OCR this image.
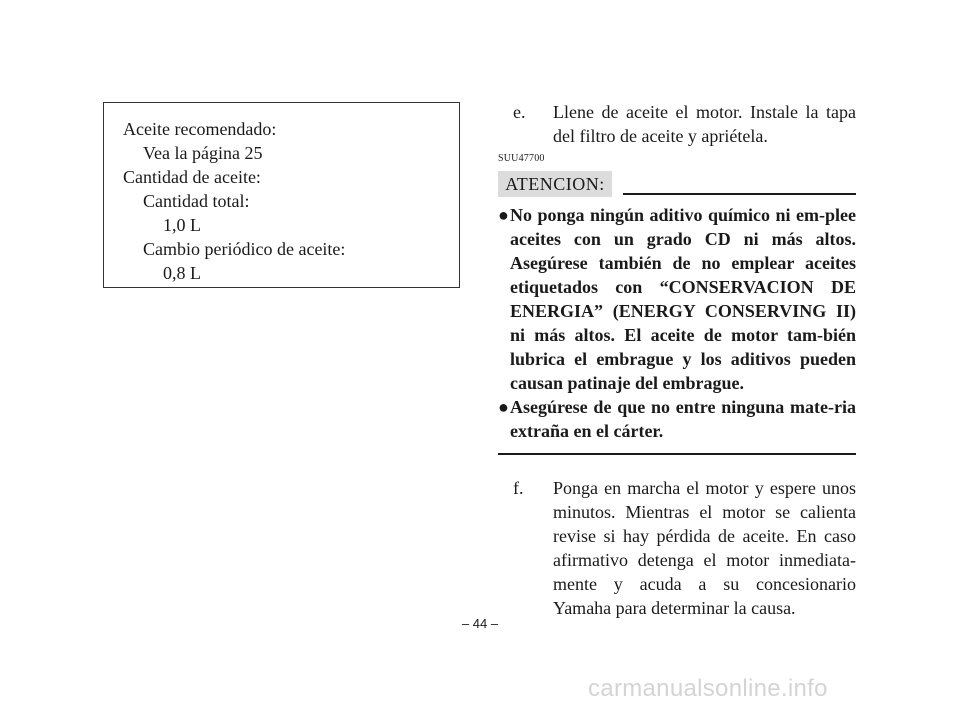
Aceite recomendado:
Vea la página 25
Cantidad de aceite:
Cantidad total:
1,0 L
Cambio periódico de aceite:
0,8 L
e.	Llene de aceite el motor. Instale la tapa del filtro de aceite y apriételа.
SUU47700
ATENCION:
● No ponga ningún aditivo químico ni em-plee aceites con un grado CD ni más altos. Asegúrese también de no emplear aceites etiquetados con “CONSERVACION DE ENERGIA” (ENERGY CONSERVING II) ni más altos. El aceite de motor tam-bién lubrica el embrague y los aditivos pueden causan patinaje del embrague.
● Asegúrese de que no entre ninguna mate-ria extraña en el cárter.
f.	Ponga en marcha el motor y espere unos minutos. Mientras el motor se calienta revise si hay pérdida de aceite. En caso afirmativo detenga el motor inmediata-mente y acuda a su concesionario Yamaha para determinar la causa.
– 44 –
carmanualsonline.info
